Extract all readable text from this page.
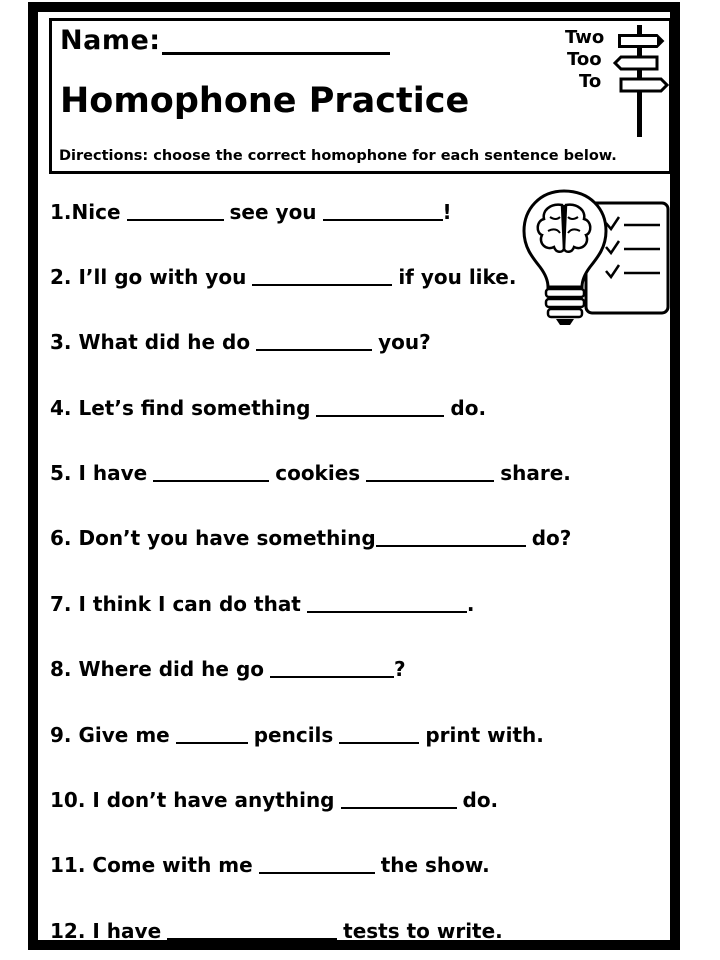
Name:
Homophone Practice
Directions: choose the correct homophone for each sentence below.
Two
Too
To
1.Nice	see you	!
2. I’ll go with you	if you like.
3. What did he do	you?
4. Let’s find something	do.
5. I have	cookies	share.
6. Don’t you have something	do?
7. I think I can do that	.
8. Where did he go	?
9. Give me	pencils	print with.
10. I don’t have anything	do.
11. Come with me	the show.
12. I have	tests to write.
